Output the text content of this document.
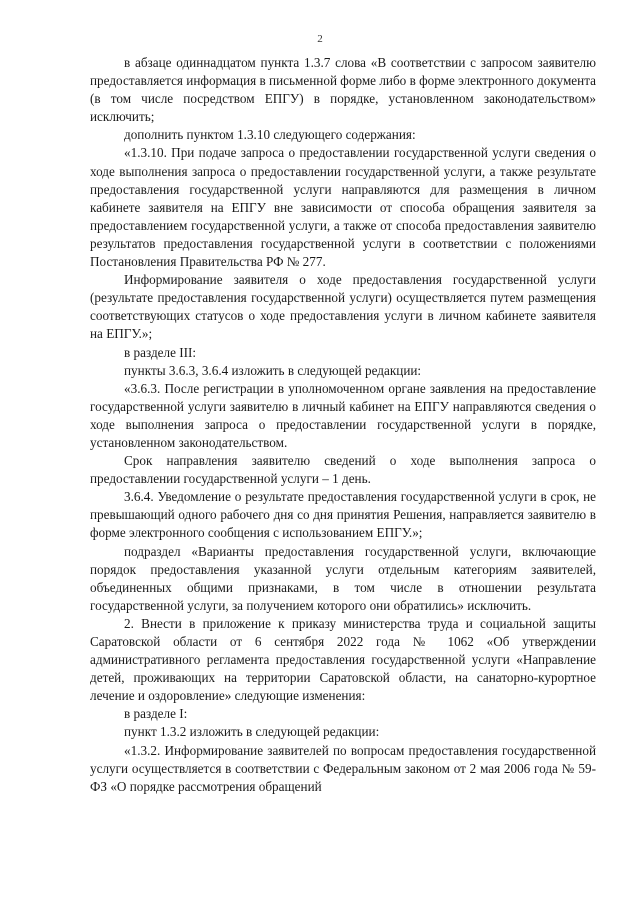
2

в абзаце одиннадцатом пункта 1.3.7 слова «В соответствии с запросом заявителю предоставляется информация в письменной форме либо в форме электронного документа (в том числе посредством ЕПГУ) в порядке, установленном законодательством» исключить;

дополнить пунктом 1.3.10 следующего содержания:

«1.3.10. При подаче запроса о предоставлении государственной услуги сведения о ходе выполнения запроса о предоставлении государственной услуги, а также результате предоставления государственной услуги направляются для размещения в личном кабинете заявителя на ЕПГУ вне зависимости от способа обращения заявителя за предоставлением государственной услуги, а также от способа предоставления заявителю результатов предоставления государственной услуги в соответствии с положениями Постановления Правительства РФ № 277.

Информирование заявителя о ходе предоставления государственной услуги (результате предоставления государственной услуги) осуществляется путем размещения соответствующих статусов о ходе предоставления услуги в личном кабинете заявителя на ЕПГУ.»;

в разделе III:

пункты 3.6.3, 3.6.4 изложить в следующей редакции:

«3.6.3. После регистрации в уполномоченном органе заявления на предоставление государственной услуги заявителю в личный кабинет на ЕПГУ направляются сведения о ходе выполнения запроса о предоставлении государственной услуги в порядке, установленном законодательством.

Срок направления заявителю сведений о ходе выполнения запроса о предоставлении государственной услуги – 1 день.

3.6.4. Уведомление о результате предоставления государственной услуги в срок, не превышающий одного рабочего дня со дня принятия Решения, направляется заявителю в форме электронного сообщения с использованием ЕПГУ.»;

подраздел «Варианты предоставления государственной услуги, включающие порядок предоставления указанной услуги отдельным категориям заявителей, объединенных общими признаками, в том числе в отношении результата государственной услуги, за получением которого они обратились» исключить.

2. Внести в приложение к приказу министерства труда и социальной защиты Саратовской области от 6 сентября 2022 года № 1062 «Об утверждении административного регламента предоставления государственной услуги «Направление детей, проживающих на территории Саратовской области, на санаторно-курортное лечение и оздоровление» следующие изменения:

в разделе I:

пункт 1.3.2 изложить в следующей редакции:

«1.3.2. Информирование заявителей по вопросам предоставления государственной услуги осуществляется в соответствии с Федеральным законом от 2 мая 2006 года № 59-ФЗ «О порядке рассмотрения обращений
